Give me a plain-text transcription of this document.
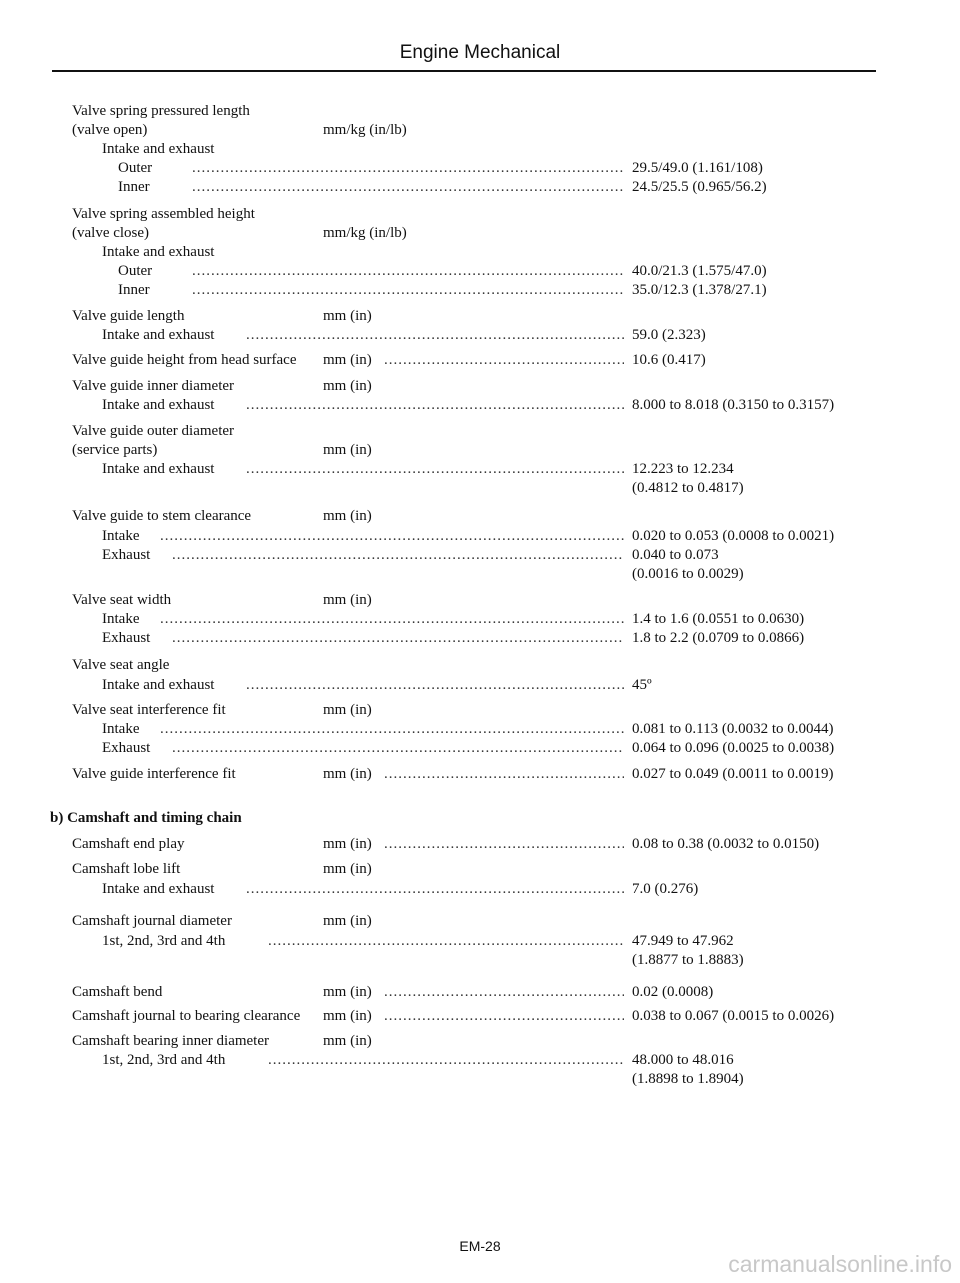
Engine Mechanical
Valve spring pressured length
(valve open)	mm/kg (in/lb)
Intake and exhaust
Outer .....	29.5/49.0 (1.161/108)
Inner .....	24.5/25.5 (0.965/56.2)
Valve spring assembled height
(valve close)	mm/kg (in/lb)
Intake and exhaust
Outer .....	40.0/21.3 (1.575/47.0)
Inner .....	35.0/12.3 (1.378/27.1)
Valve guide length	mm (in)
Intake and exhaust .....	59.0 (2.323)
Valve guide height from head surface mm (in) .....	10.6 (0.417)
Valve guide inner diameter	mm (in)
Intake and exhaust .....	8.000 to 8.018 (0.3150 to 0.3157)
Valve guide outer diameter
(service parts)	mm (in)
Intake and exhaust .....	12.223 to 12.234
(0.4812 to 0.4817)
Valve guide to stem clearance	mm (in)
Intake .....	0.020 to 0.053 (0.0008 to 0.0021)
Exhaust .....	0.040 to 0.073
(0.0016 to 0.0029)
Valve seat width	mm (in)
Intake .....	1.4 to 1.6 (0.0551 to 0.0630)
Exhaust .....	1.8 to 2.2 (0.0709 to 0.0866)
Valve seat angle
Intake and exhaust .....	45º
Valve seat interference fit	mm (in)
Intake .....	0.081 to 0.113 (0.0032 to 0.0044)
Exhaust .....	0.064 to 0.096 (0.0025 to 0.0038)
Valve guide interference fit	mm (in) .....	0.027 to 0.049 (0.0011 to 0.0019)
b) Camshaft and timing chain
Camshaft end play	mm (in) .....	0.08 to 0.38 (0.0032 to 0.0150)
Camshaft lobe lift	mm (in)
Intake and exhaust .....	7.0 (0.276)
Camshaft journal diameter	mm (in)
1st, 2nd, 3rd and 4th .....	47.949 to 47.962
(1.8877 to 1.8883)
Camshaft bend	mm (in) .....	0.02 (0.0008)
Camshaft journal to bearing clearance mm (in) .....	0.038 to 0.067 (0.0015 to 0.0026)
Camshaft bearing inner diameter	mm (in)
1st, 2nd, 3rd and 4th .....	48.000 to 48.016
(1.8898 to 1.8904)
EM-28
carmanualsonline.info
